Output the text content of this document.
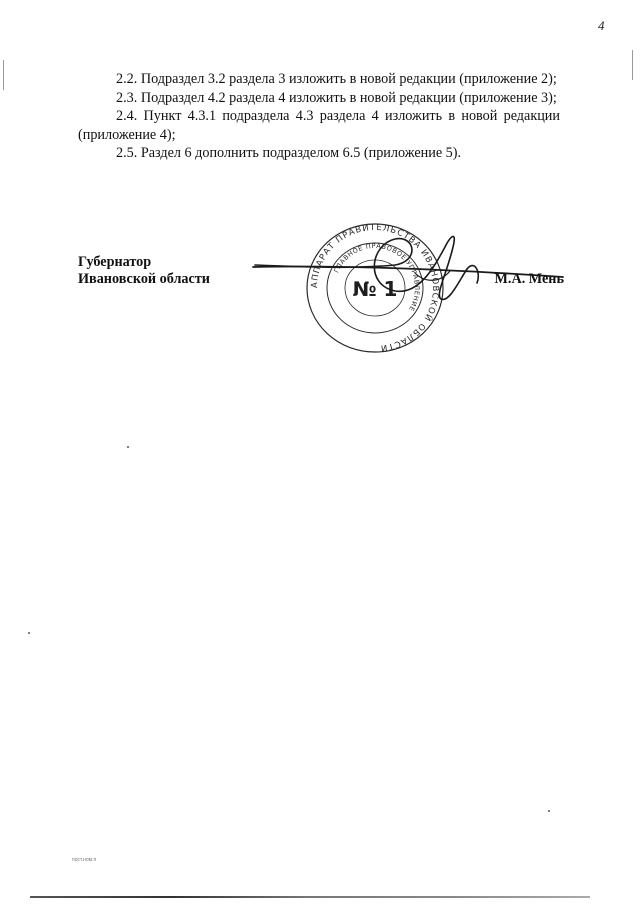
4

2.2. Подраздел 3.2 раздела 3 изложить в новой редакции (приложение 2);

2.3. Подраздел 4.2 раздела 4 изложить в новой редакции (приложение 3);

2.4. Пункт 4.3.1 подраздела 4.3 раздела 4 изложить в новой редакции (приложение 4);

2.5. Раздел 6 дополнить подразделом 6.5 (приложение 5).

АППАРАТ ПРАВИТЕЛЬСТВА ИВАНОВСКОЙ ОБЛАСТИ
ГЛАВНОЕ ПРАВОВОЕ УПРАВЛЕНИЕ
№ 1
Губернатор
Ивановской области	М.А. Мень
пост.ном.п
